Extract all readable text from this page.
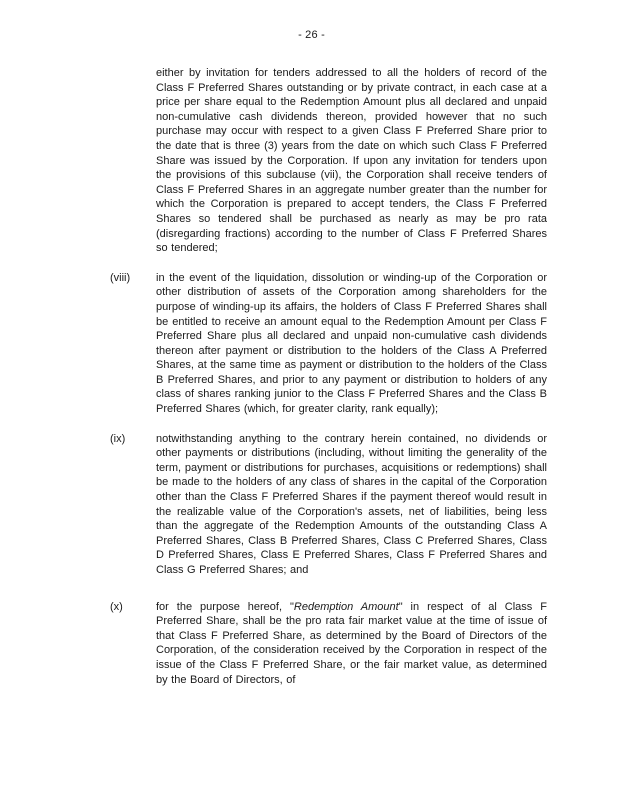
- 26 -
either by invitation for tenders addressed to all the holders of record of the Class F Preferred Shares outstanding or by private contract, in each case at a price per share equal to the Redemption Amount plus all declared and unpaid non-cumulative cash dividends thereon, provided however that no such purchase may occur with respect to a given Class F Preferred Share prior to the date that is three (3) years from the date on which such Class F Preferred Share was issued by the Corporation. If upon any invitation for tenders upon the provisions of this subclause (vii), the Corporation shall receive tenders of Class F Preferred Shares in an aggregate number greater than the number for which the Corporation is prepared to accept tenders, the Class F Preferred Shares so tendered shall be purchased as nearly as may be pro rata (disregarding fractions) according to the number of Class F Preferred Shares so tendered;
(viii)	in the event of the liquidation, dissolution or winding-up of the Corporation or other distribution of assets of the Corporation among shareholders for the purpose of winding-up its affairs, the holders of Class F Preferred Shares shall be entitled to receive an amount equal to the Redemption Amount per Class F Preferred Share plus all declared and unpaid non-cumulative cash dividends thereon after payment or distribution to the holders of the Class A Preferred Shares, at the same time as payment or distribution to the holders of the Class B Preferred Shares, and prior to any payment or distribution to holders of any class of shares ranking junior to the Class F Preferred Shares and the Class B Preferred Shares (which, for greater clarity, rank equally);
(ix)	notwithstanding anything to the contrary herein contained, no dividends or other payments or distributions (including, without limiting the generality of the term, payment or distributions for purchases, acquisitions or redemptions) shall be made to the holders of any class of shares in the capital of the Corporation other than the Class F Preferred Shares if the payment thereof would result in the realizable value of the Corporation's assets, net of liabilities, being less than the aggregate of the Redemption Amounts of the outstanding Class A Preferred Shares, Class B Preferred Shares, Class C Preferred Shares, Class D Preferred Shares, Class E Preferred Shares, Class F Preferred Shares and Class G Preferred Shares; and
(x)	for the purpose hereof, "Redemption Amount" in respect of al Class F Preferred Share, shall be the pro rata fair market value at the time of issue of that Class F Preferred Share, as determined by the Board of Directors of the Corporation, of the consideration received by the Corporation in respect of the issue of the Class F Preferred Share, or the fair market value, as determined by the Board of Directors, of
